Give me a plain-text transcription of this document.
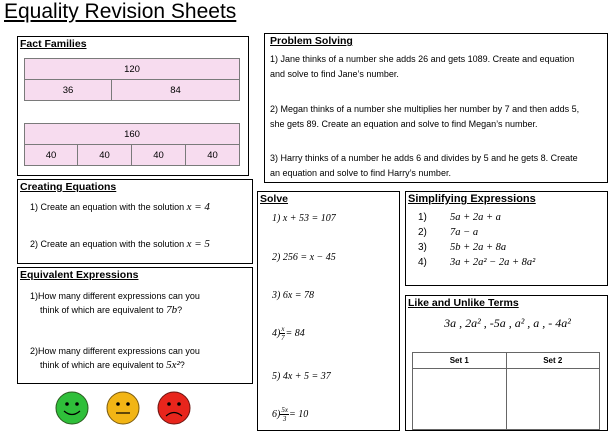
Equality Revision Sheets
Fact Families
120
36	84
160
40	40	40	40
Problem Solving
1) Jane thinks of a number she adds 26 and gets 1089. Create and equation
and solve to find Jane’s number.
2) Megan thinks of a number she multiplies her number by 7 and then adds 5,
she gets 89. Create an equation and solve to find Megan’s number.
3) Harry thinks of a number he adds 6 and divides by 5 and he gets 8. Create
an equation and solve to find Harry’s number.
Creating Equations
1) Create an equation with the solution x = 4
2) Create an equation with the solution x = 5
Equivalent Expressions
1)How many different expressions can you
think of which are equivalent to 7b?
2)How many different expressions can you
think of which are equivalent to 5x²?
Solve
1) x + 53 = 107
2) 256 = x − 45
3) 6x = 78
$4) \frac{x}{7} = 84$
5) 4x + 5 = 37
$6) \frac{5x}{3} = 10$
Simplifying Expressions
1)	5a + 2a + a
2)	7a − a
3)	5b + 2a + 8a
4)	3a + 2a² − 2a + 8a²
Like and Unlike Terms
3a , 2a² , -5a , a² , a , - 4a²
Set 1	Set 2
